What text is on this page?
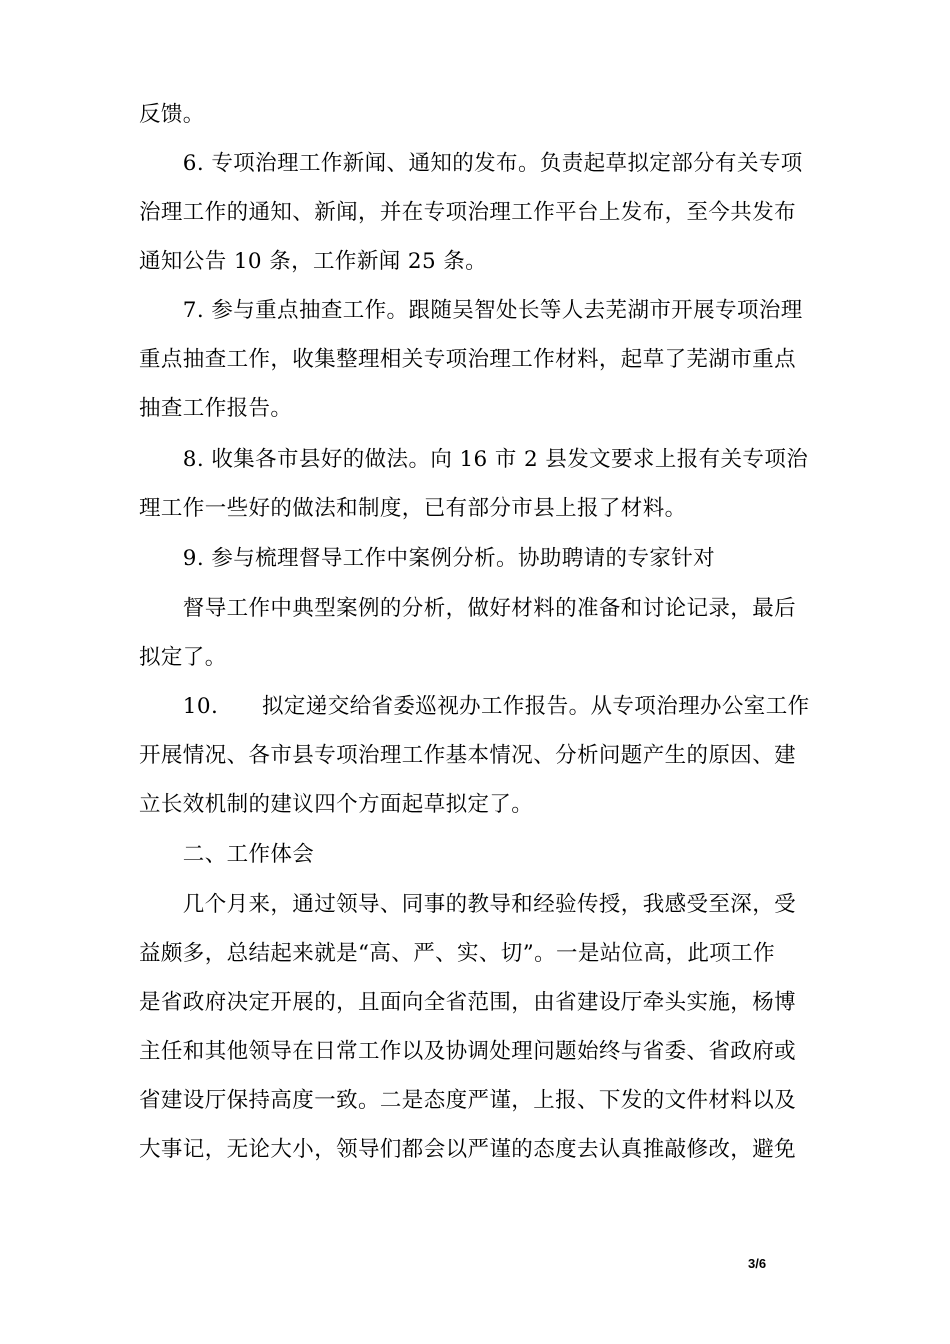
反馈。
　　6. 专项治理工作新闻、通知的发布。负责起草拟定部分有关专项
治理工作的通知、新闻，并在专项治理工作平台上发布，至今共发布
通知公告 10 条，工作新闻 25 条。
　　7. 参与重点抽查工作。跟随吴智处长等人去芜湖市开展专项治理
重点抽查工作，收集整理相关专项治理工作材料，起草了芜湖市重点
抽查工作报告。
　　8. 收集各市县好的做法。向 16 市 2 县发文要求上报有关专项治
理工作一些好的做法和制度，已有部分市县上报了材料。
　　9. 参与梳理督导工作中案例分析。协助聘请的专家针对
　　督导工作中典型案例的分析，做好材料的准备和讨论记录，最后
拟定了。
　　10.　　拟定递交给省委巡视办工作报告。从专项治理办公室工作
开展情况、各市县专项治理工作基本情况、分析问题产生的原因、建
立长效机制的建议四个方面起草拟定了。
　　二、工作体会
　　几个月来，通过领导、同事的教导和经验传授，我感受至深，受
益颇多，总结起来就是“高、严、实、切”。一是站位高，此项工作
是省政府决定开展的，且面向全省范围，由省建设厅牵头实施，杨博
主任和其他领导在日常工作以及协调处理问题始终与省委、省政府或
省建设厅保持高度一致。二是态度严谨，上报、下发的文件材料以及
大事记，无论大小，领导们都会以严谨的态度去认真推敲修改，避免
3/6
